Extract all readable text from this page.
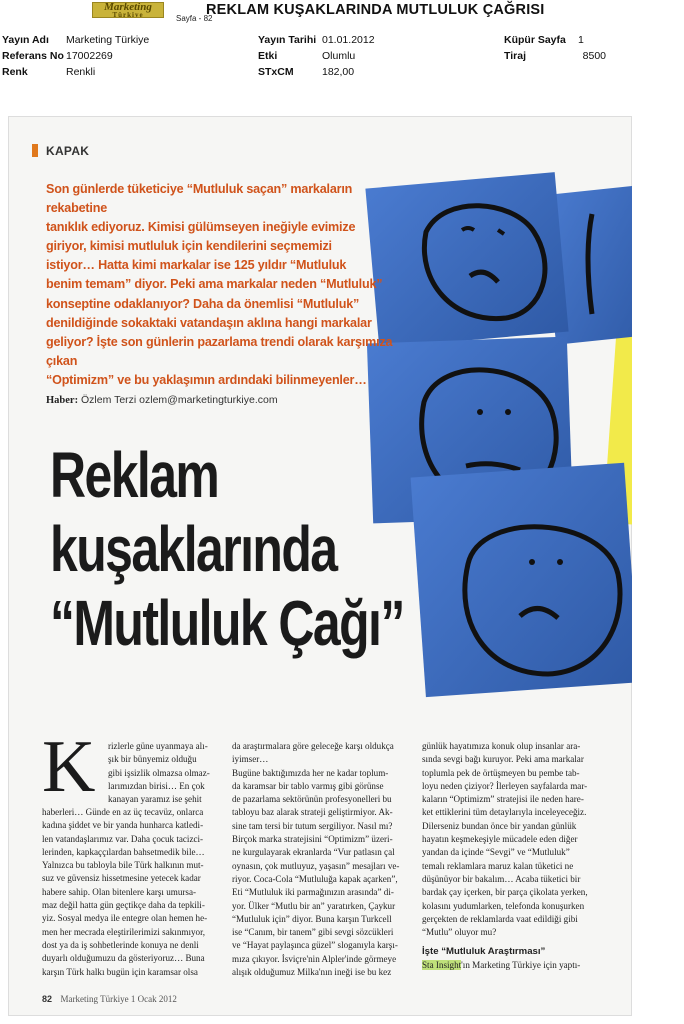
Marketing
Türkiye	Sayfa - 82
REKLAM KUŞAKLARINDA MUTLULUK ÇAĞRISI
Yayın Adı Marketing Türkiye
Referans No 17002269
Renk	Renkli
Yayın Tarihi 01.01.2012
Etki	Olumlu
STxCM	182,00
Küpür Sayfa 1
Tiraj	8500
KAPAK

Son günlerde tüketiciye “Mutluluk saçan” markaların rekabetine

tanıklık ediyoruz. Kimisi gülümseyen ineğiyle evimize

giriyor, kimisi mutluluk için kendilerini seçmemizi

istiyor… Hatta kimi markalar ise 125 yıldır “Mutluluk

benim temam” diyor. Peki ama markalar neden “Mutluluk”

konseptine odaklanıyor? Daha da önemlisi “Mutluluk”

denildiğinde sokaktaki vatandaşın aklına hangi markalar

geliyor? İşte son günlerin pazarlama trendi olarak karşımıza çıkan

“Optimizm” ve bu yaklaşımın ardındaki bilinmeyenler…

Haber: Özlem Terzi ozlem@marketingturkiye.com
Reklam
kuşaklarında
“Mutluluk Çağı”
K rizlerle güne uyanmaya alı-

şık bir bünyemiz olduğu

gibi işsizlik olmazsa olmaz-

larımızdan birisi… En çok

kanayan yaramız ise şehit

haberleri… Günde en az üç tecavüz, onlarca

kadına şiddet ve bir yanda hunharca katledi-

len vatandaşlarımız var. Daha çocuk tacizci-

lerinden, kapkaççılardan bahsetmedik bile…

Yalnızca bu tabloyla bile Türk halkının mut-

suz ve güvensiz hissetmesine yetecek kadar

habere sahip. Olan bitenlere karşı umursa-

maz değil hatta gün geçtikçe daha da tepkili-

yiz. Sosyal medya ile entegre olan hemen he-

men her mecrada eleştirilerimizi sakınmıyor,

dost ya da iş sohbetlerinde konuya ne denli

duyarlı olduğumuzu da gösteriyoruz… Buna

karşın Türk halkı bugün için karamsar olsa

da araştırmalara göre geleceğe karşı oldukça

iyimser…

Bugüne baktığımızda her ne kadar toplum-

da karamsar bir tablo varmış gibi görünse

de pazarlama sektörünün profesyonelleri bu

tabloyu baz alarak strateji geliştirmiyor. Ak-

sine tam tersi bir tutum sergiliyor. Nasıl mı?

Birçok marka stratejisini “Optimizm” üzeri-

ne kurgulayarak ekranlarda “Vur patlasın çal

oynasın, çok mutluyuz, yaşasın” mesajları ve-

riyor. Coca-Cola “Mutluluğa kapak açarken”,

Eti “Mutluluk iki parmağınızın arasında” di-

yor. Ülker “Mutlu bir an” yaratırken, Çaykur

“Mutluluk için” diyor. Buna karşın Turkcell

ise “Canım, bir tanem” gibi sevgi sözcükleri

ve “Hayat paylaşınca güzel” sloganıyla karşı-

mıza çıkıyor. İsviçre'nin Alpler'inde görmeye

alışık olduğumuz Milka'nın ineği ise bu kez

günlük hayatımıza konuk olup insanlar ara-

sında sevgi bağı kuruyor. Peki ama markalar

toplumla pek de örtüşmeyen bu pembe tab-

loyu neden çiziyor? İlerleyen sayfalarda mar-

kaların “Optimizm” stratejisi ile neden hare-

ket ettiklerini tüm detaylarıyla inceleyeceğiz.

Dilerseniz bundan önce bir yandan günlük

hayatın keşmekeşiyle mücadele eden diğer

yandan da içinde “Sevgi” ve “Mutluluk”

temalı reklamlara maruz kalan tüketici ne

düşünüyor bir bakalım… Acaba tüketici bir

bardak çay içerken, bir parça çikolata yerken,

kolasını yudumlarken, telefonda konuşurken

gerçekten de reklamlarda vaat edildiği gibi

“Mutlu” oluyor mu?

İşte “Mutluluk Araştırması”

Sta Insight'ın Marketing Türkiye için yaptı-

82 Marketing Türkiye 1 Ocak 2012
